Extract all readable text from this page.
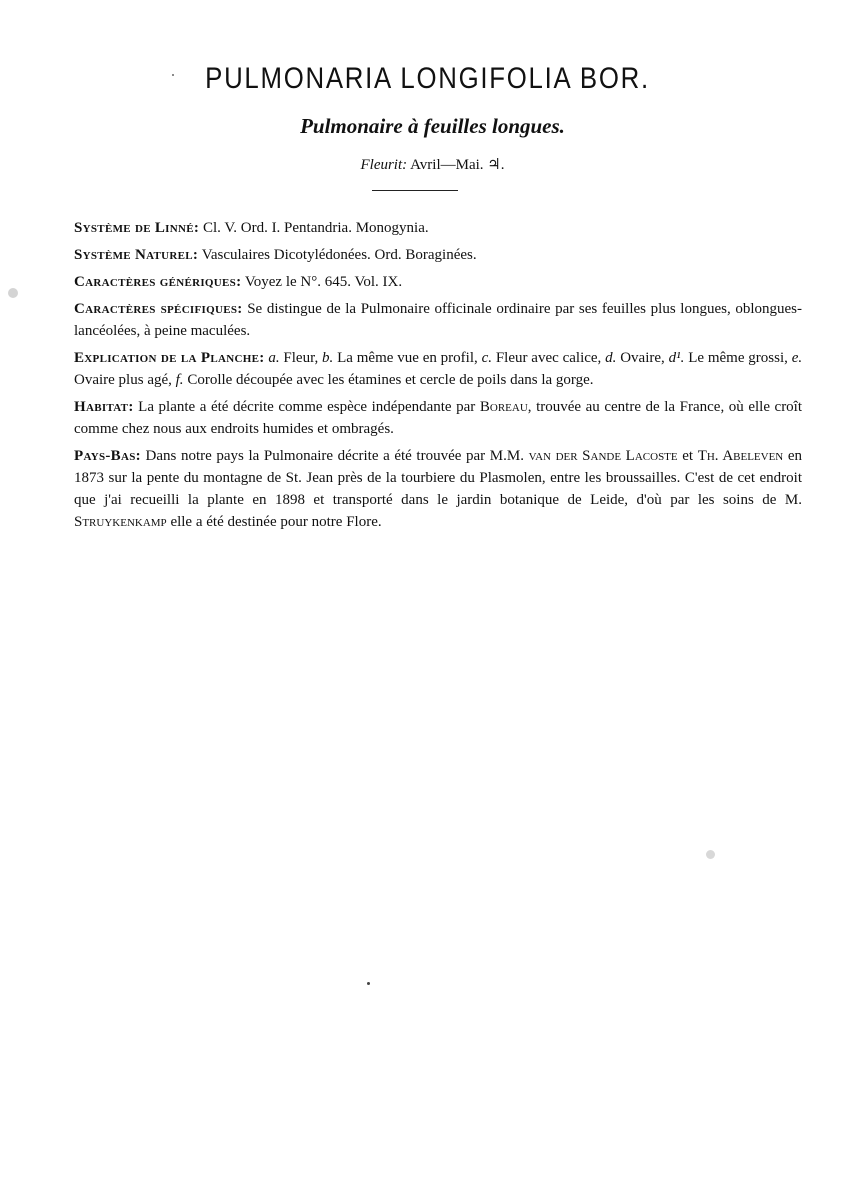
PULMONARIA LONGIFOLIA BOR.
Pulmonaire à feuilles longues.
Fleurit: Avril—Mai. ♃.

Système de Linné: Cl. V. Ord. I. Pentandria. Monogynia.

Système Naturel: Vasculaires Dicotylédonées. Ord. Boraginées.

Caractères génériques: Voyez le N°. 645. Vol. IX.

Caractères spécifiques: Se distingue de la Pulmonaire officinale ordinaire par ses feuilles plus longues, oblongues-lancéolées, à peine maculées.

Explication de la Planche: a. Fleur, b. La même vue en profil, c. Fleur avec calice, d. Ovaire, d¹. Le même grossi, e. Ovaire plus agé, f. Corolle découpée avec les étamines et cercle de poils dans la gorge.

Habitat: La plante a été décrite comme espèce indépendante par Boreau, trouvée au centre de la France, où elle croît comme chez nous aux endroits humides et ombragés.

Pays-Bas: Dans notre pays la Pulmonaire décrite a été trouvée par M.M. van der Sande Lacoste et Th. Abeleven en 1873 sur la pente du montagne de St. Jean près de la tourbiere du Plasmolen, entre les broussailles. C'est de cet endroit que j'ai recueilli la plante en 1898 et transporté dans le jardin botanique de Leide, d'où par les soins de M. Struykenkamp elle a été destinée pour notre Flore.
